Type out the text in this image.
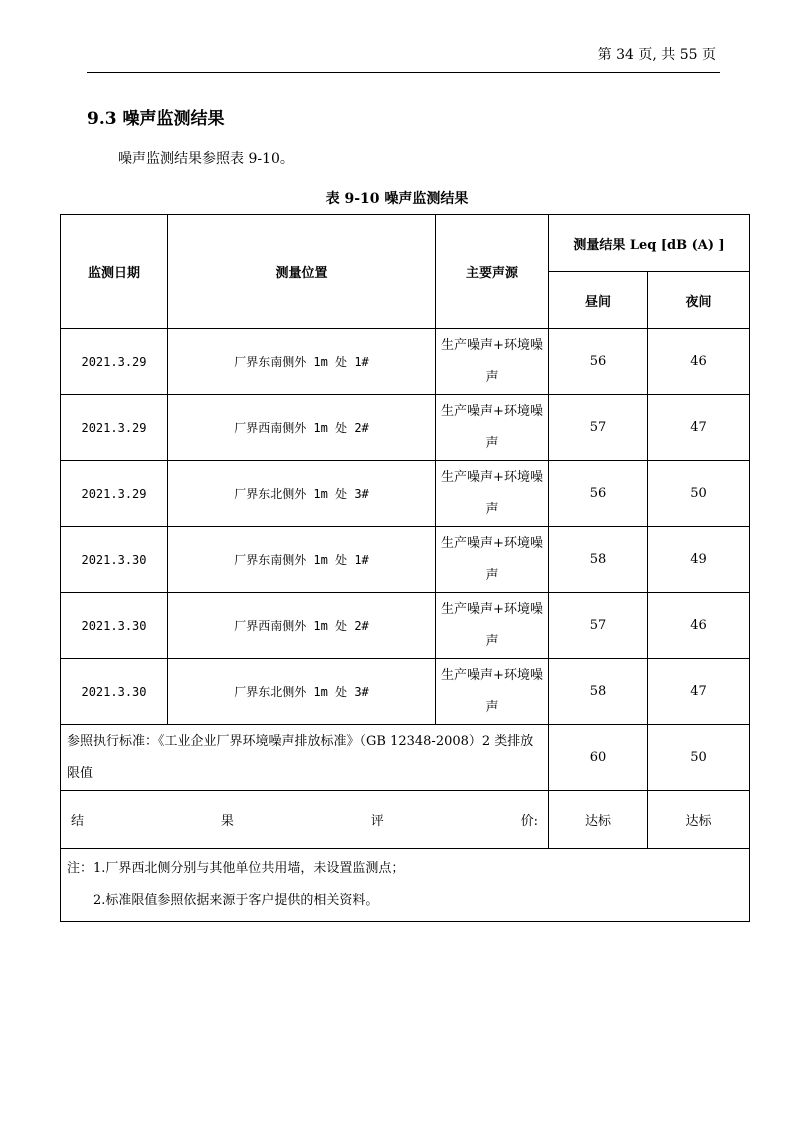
第 34 页, 共 55 页
9.3 噪声监测结果
噪声监测结果参照表 9-10。
表 9-10 噪声监测结果
监测日期	测量位置	主要声源	测量结果 Leq [dB (A) ]	
			昼间	夜间
2021.3.29	厂界东南侧外 1m 处 1#	生产噪声+环境噪声	56	46
2021.3.29	厂界西南侧外 1m 处 2#	生产噪声+环境噪声	57	47
2021.3.29	厂界东北侧外 1m 处 3#	生产噪声+环境噪声	56	50
2021.3.30	厂界东南侧外 1m 处 1#	生产噪声+环境噪声	58	49
2021.3.30	厂界西南侧外 1m 处 2#	生产噪声+环境噪声	57	46
2021.3.30	厂界东北侧外 1m 处 3#	生产噪声+环境噪声	58	47
参照执行标准：《工业企业厂界环境噪声排放标准》（GB 12348-2008）2 类排放限值			60	50

结 果 评 价:			达标	达标

注：1.厂界西北侧分别与其他单位共用墙，未设置监测点；
2.标准限值参照依据来源于客户提供的相关资料。				
